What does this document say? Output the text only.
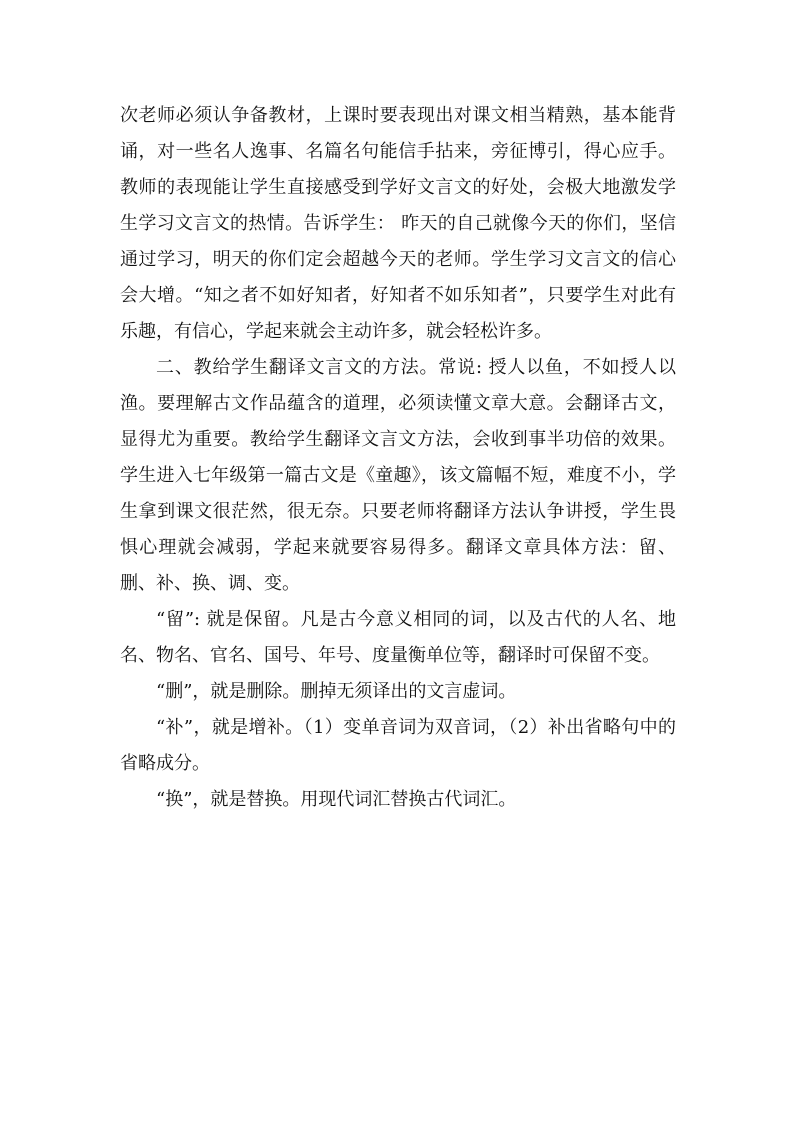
次老师必须认争备教材，上课时要表现出对课文相当精熟，基本能背诵，对一些名人逸事、名篇名句能信手拈来，旁征博引，得心应手。教师的表现能让学生直接感受到学好文言文的好处，会极大地激发学生学习文言文的热情。告诉学生： 昨天的自己就像今天的你们，坚信通过学习，明天的你们定会超越今天的老师。学生学习文言文的信心会大增。“知之者不如好知者，好知者不如乐知者”，只要学生对此有乐趣，有信心，学起来就会主动许多，就会轻松许多。

二、教给学生翻译文言文的方法。常说: 授人以鱼，不如授人以渔。要理解古文作品蕴含的道理，必须读懂文章大意。会翻译古文，显得尤为重要。教给学生翻译文言文方法，会收到事半功倍的效果。学生进入七年级第一篇古文是《童趣》，该文篇幅不短，难度不小，学生拿到课文很茫然，很无奈。只要老师将翻译方法认争讲授，学生畏惧心理就会减弱，学起来就要容易得多。翻译文章具体方法：留、删、补、换、调、变。

“留”: 就是保留。凡是古今意义相同的词，以及古代的人名、地名、物名、官名、国号、年号、度量衡单位等，翻译时可保留不变。

“删”，就是删除。删掉无须译出的文言虚词。

“补”，就是增补。（1）变单音词为双音词，（2）补出省略句中的省略成分。

“换”，就是替换。用现代词汇替换古代词汇。
